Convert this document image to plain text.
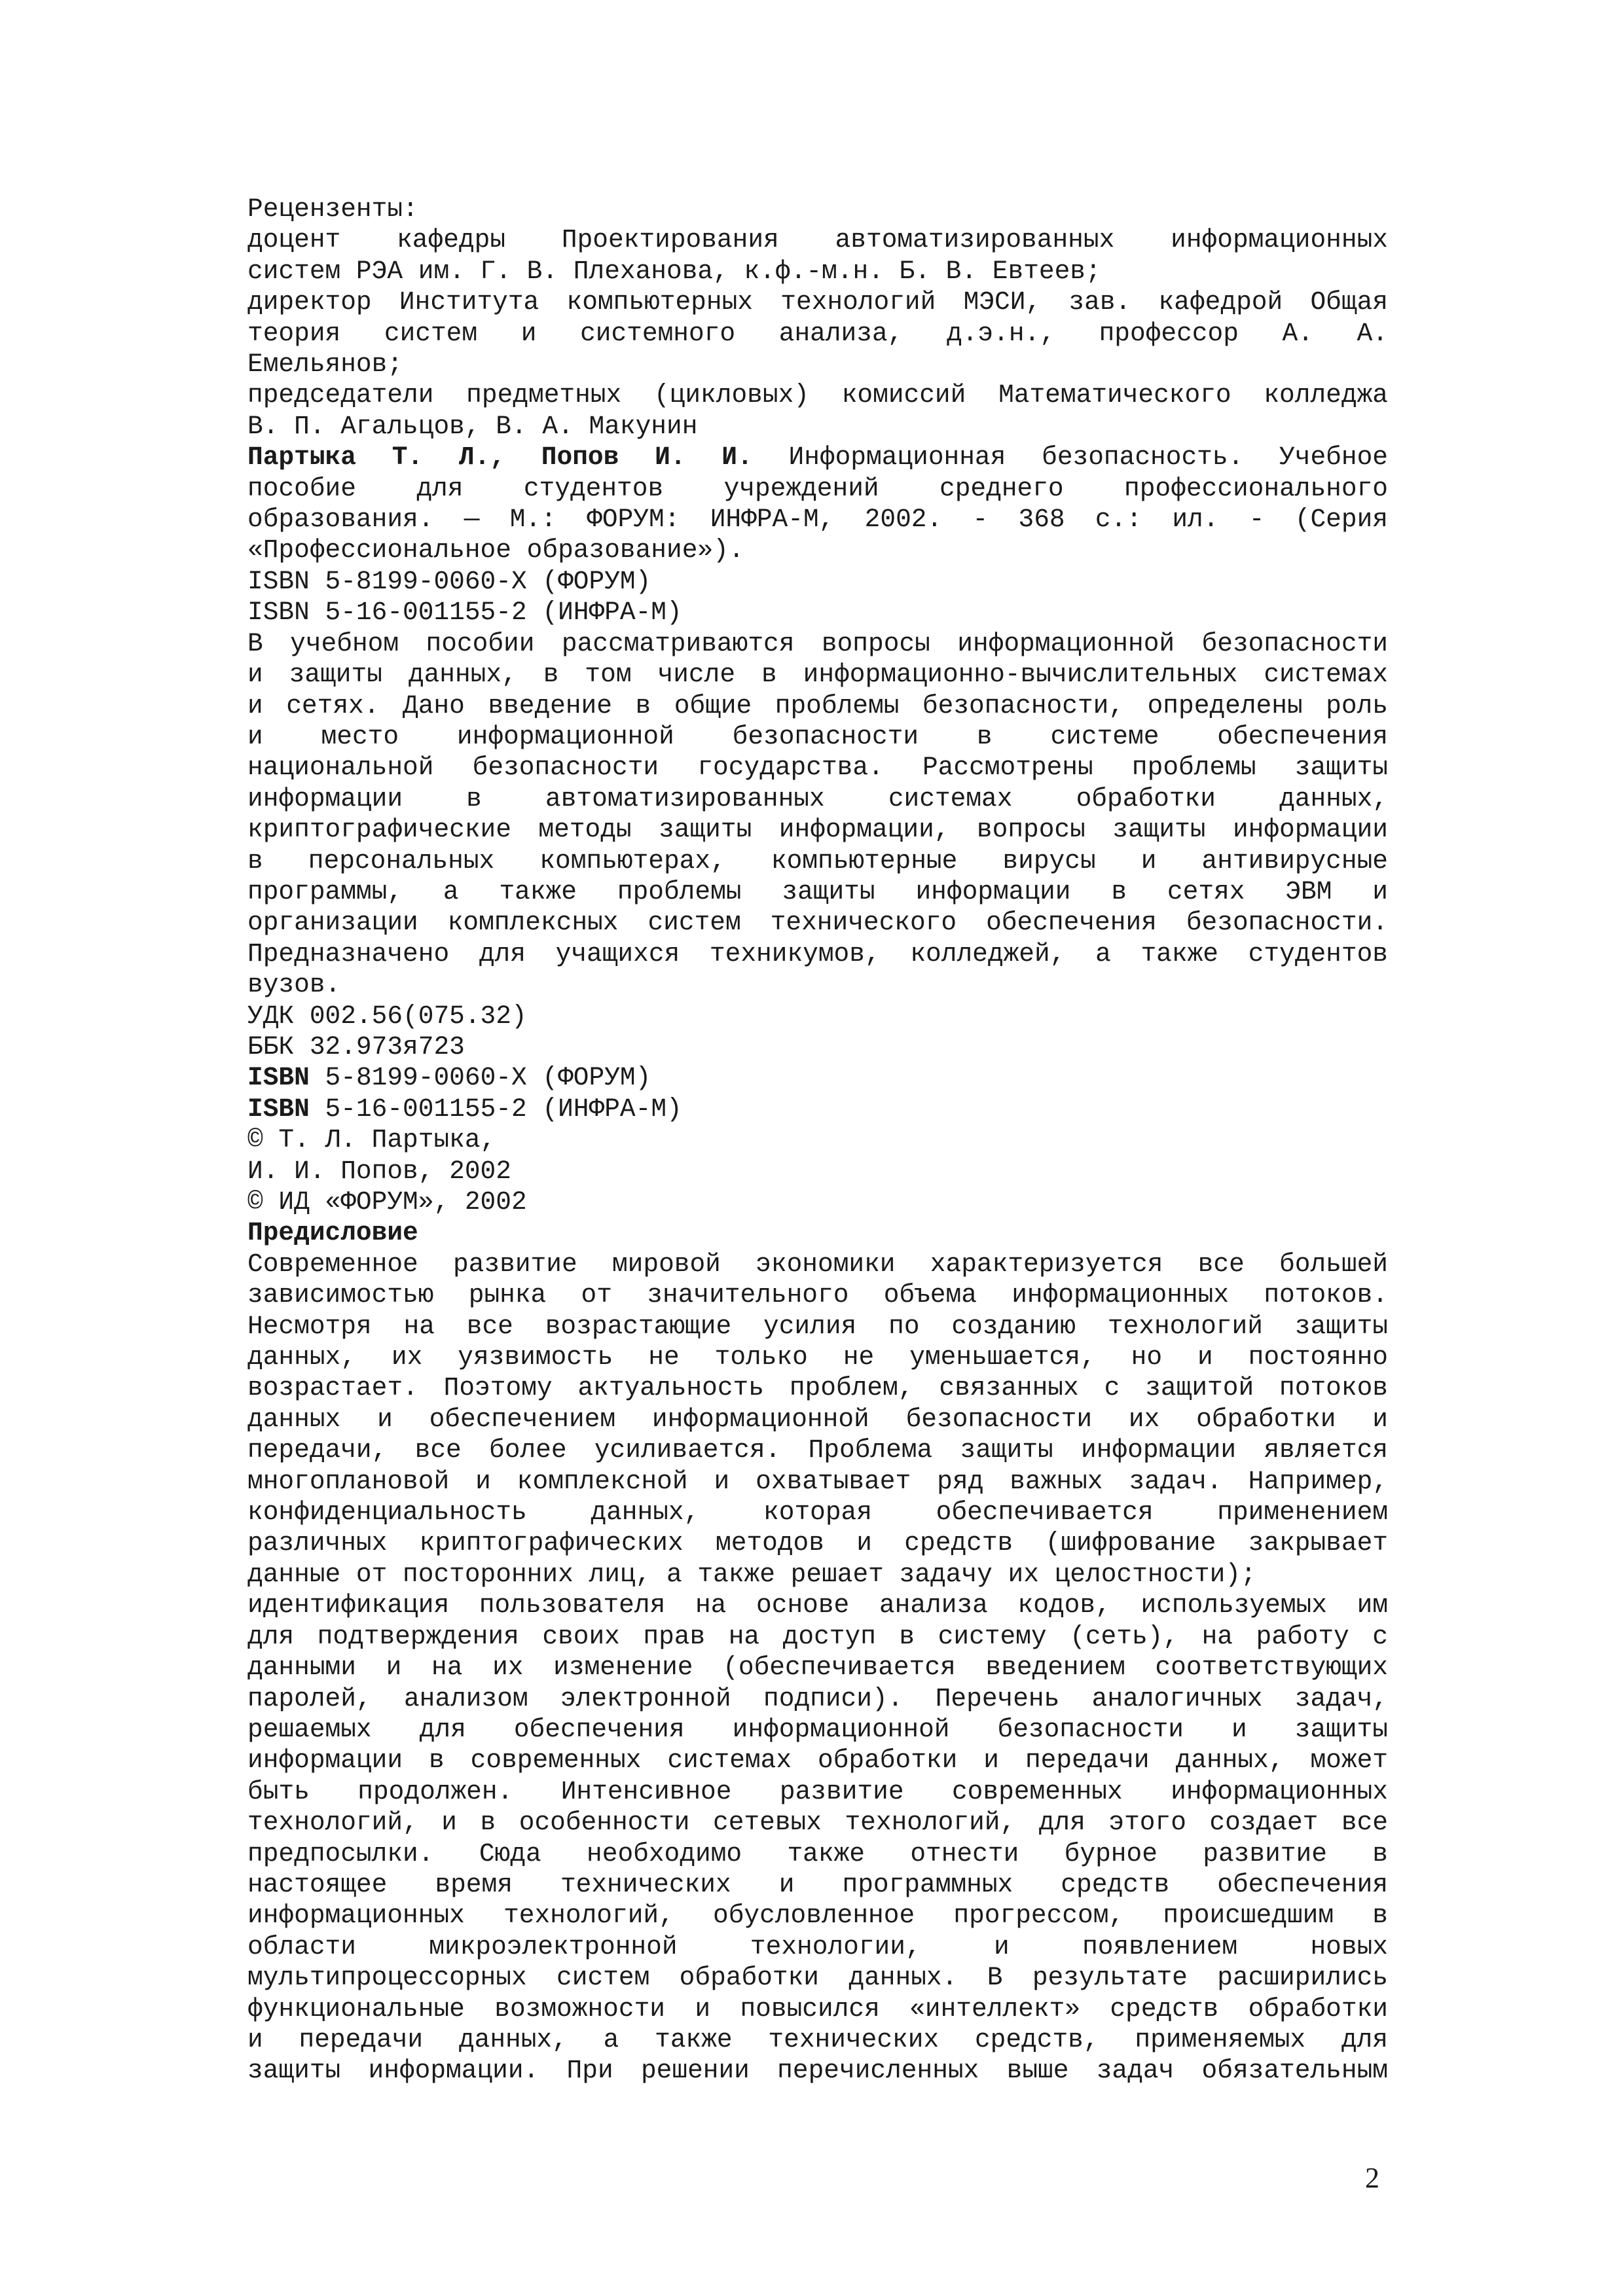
Рецензенты:
доцент кафедры Проектирования автоматизированных информационных
систем РЭА им. Г. В. Плеханова, к.ф.-м.н. Б. В. Евтеев;
директор Института компьютерных технологий МЭСИ, зав. кафедрой Общая
теория систем и системного анализа, д.э.н., профессор А. А.
Емельянов;
председатели предметных (цикловых) комиссий Математического колледжа
В. П. Агальцов, В. А. Макунин
Партыка Т. Л., Попов И. И. Информационная безопасность. Учебное
пособие для студентов учреждений среднего профессионального
образования. — М.: ФОРУМ: ИНФРА-М, 2002. - 368 с.: ил. - (Серия
«Профессиональное образование»).
ISBN 5-8199-0060-X (ФОРУМ)
ISBN 5-16-001155-2 (ИНФРА-М)
В учебном пособии рассматриваются вопросы информационной безопасности
и защиты данных, в том числе в информационно-вычислительных системах
и сетях. Дано введение в общие проблемы безопасности, определены роль
и место информационной безопасности в системе обеспечения
национальной безопасности государства. Рассмотрены проблемы защиты
информации в автоматизированных системах обработки данных,
криптографические методы защиты информации, вопросы защиты информации
в персональных компьютерах, компьютерные вирусы и антивирусные
программы, а также проблемы защиты информации в сетях ЭВМ и
организации комплексных систем технического обеспечения безопасности.
Предназначено для учащихся техникумов, колледжей, а также студентов
вузов.
УДК 002.56(075.32)
ББК 32.973я723
ISBN 5-8199-0060-X (ФОРУМ)
ISBN 5-16-001155-2 (ИНФРА-М)
© Т. Л. Партыка,
И. И. Попов, 2002
© ИД «ФОРУМ», 2002
Предисловие
Современное развитие мировой экономики характеризуется все большей
зависимостью рынка от значительного объема информационных потоков.
Несмотря на все возрастающие усилия по созданию технологий защиты
данных, их уязвимость не только не уменьшается, но и постоянно
возрастает. Поэтому актуальность проблем, связанных с защитой потоков
данных и обеспечением информационной безопасности их обработки и
передачи, все более усиливается. Проблема защиты информации является
многоплановой и комплексной и охватывает ряд важных задач. Например,
конфиденциальность данных, которая обеспечивается применением
различных криптографических методов и средств (шифрование закрывает
данные от посторонних лиц, а также решает задачу их целостности);
идентификация пользователя на основе анализа кодов, используемых им
для подтверждения своих прав на доступ в систему (сеть), на работу с
данными и на их изменение (обеспечивается введением соответствующих
паролей, анализом электронной подписи). Перечень аналогичных задач,
решаемых для обеспечения информационной безопасности и защиты
информации в современных системах обработки и передачи данных, может
быть продолжен. Интенсивное развитие современных информационных
технологий, и в особенности сетевых технологий, для этого создает все
предпосылки. Сюда необходимо также отнести бурное развитие в
настоящее время технических и программных средств обеспечения
информационных технологий, обусловленное прогрессом, происшедшим в
области микроэлектронной технологии, и появлением новых
мультипроцессорных систем обработки данных. В результате расширились
функциональные возможности и повысился «интеллект» средств обработки
и передачи данных, а также технических средств, применяемых для
защиты информации. При решении перечисленных выше задач обязательным
2
